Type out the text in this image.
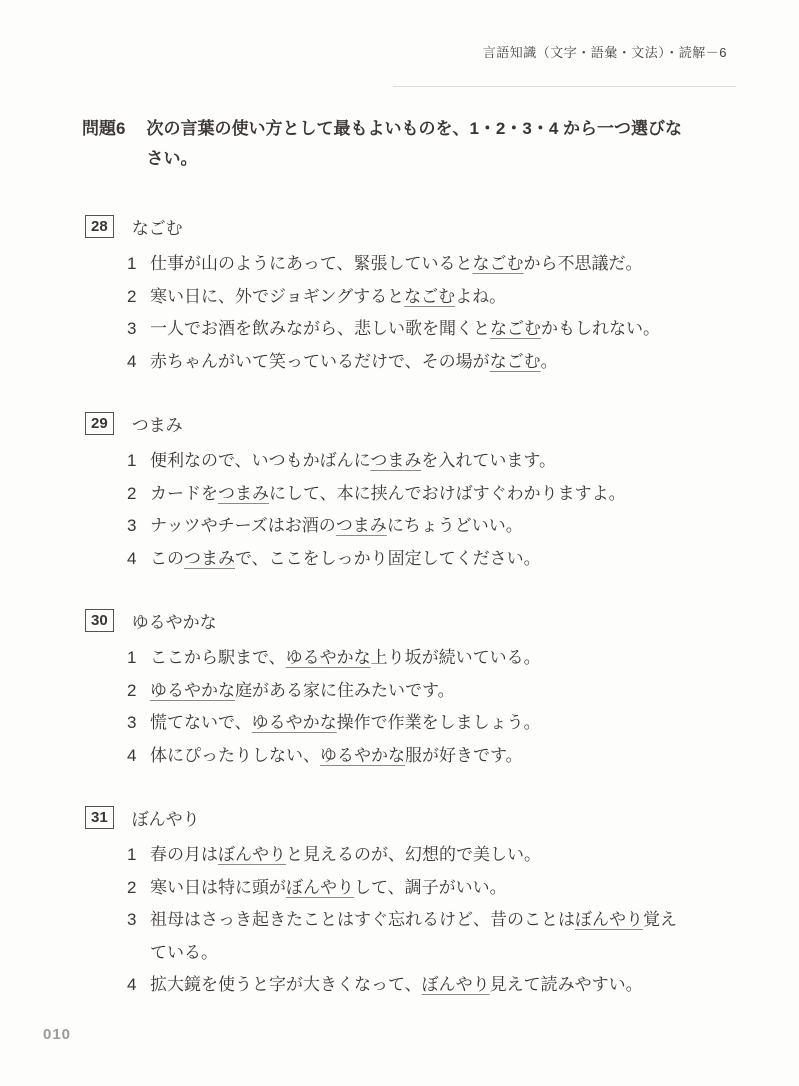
言語知識（文字・語彙・文法）・読解－6
問題6 次の言葉の使い方として最もよいものを、1・2・3・4 から一つ選びな
さい。
28	なごむ
1 仕事が山のようにあって、緊張しているとなごむから不思議だ。
2 寒い日に、外でジョギングするとなごむよね。
3 一人でお酒を飲みながら、悲しい歌を聞くとなごむかもしれない。
4 赤ちゃんがいて笑っているだけで、その場がなごむ。
29	つまみ
1 便利なので、いつもかばんにつまみを入れています。
2 カードをつまみにして、本に挟んでおけばすぐわかりますよ。
3 ナッツやチーズはお酒のつまみにちょうどいい。
4 このつまみで、ここをしっかり固定してください。
30	ゆるやかな
1 ここから駅まで、ゆるやかな上り坂が続いている。
2 ゆるやかな庭がある家に住みたいです。
3 慌てないで、ゆるやかな操作で作業をしましょう。
4 体にぴったりしない、ゆるやかな服が好きです。
31	ぼんやり
1 春の月はぼんやりと見えるのが、幻想的で美しい。
2 寒い日は特に頭がぼんやりして、調子がいい。
3 祖母はさっき起きたことはすぐ忘れるけど、昔のことはぼんやり覚え
ている。
4 拡大鏡を使うと字が大きくなって、ぼんやり見えて読みやすい。
010
